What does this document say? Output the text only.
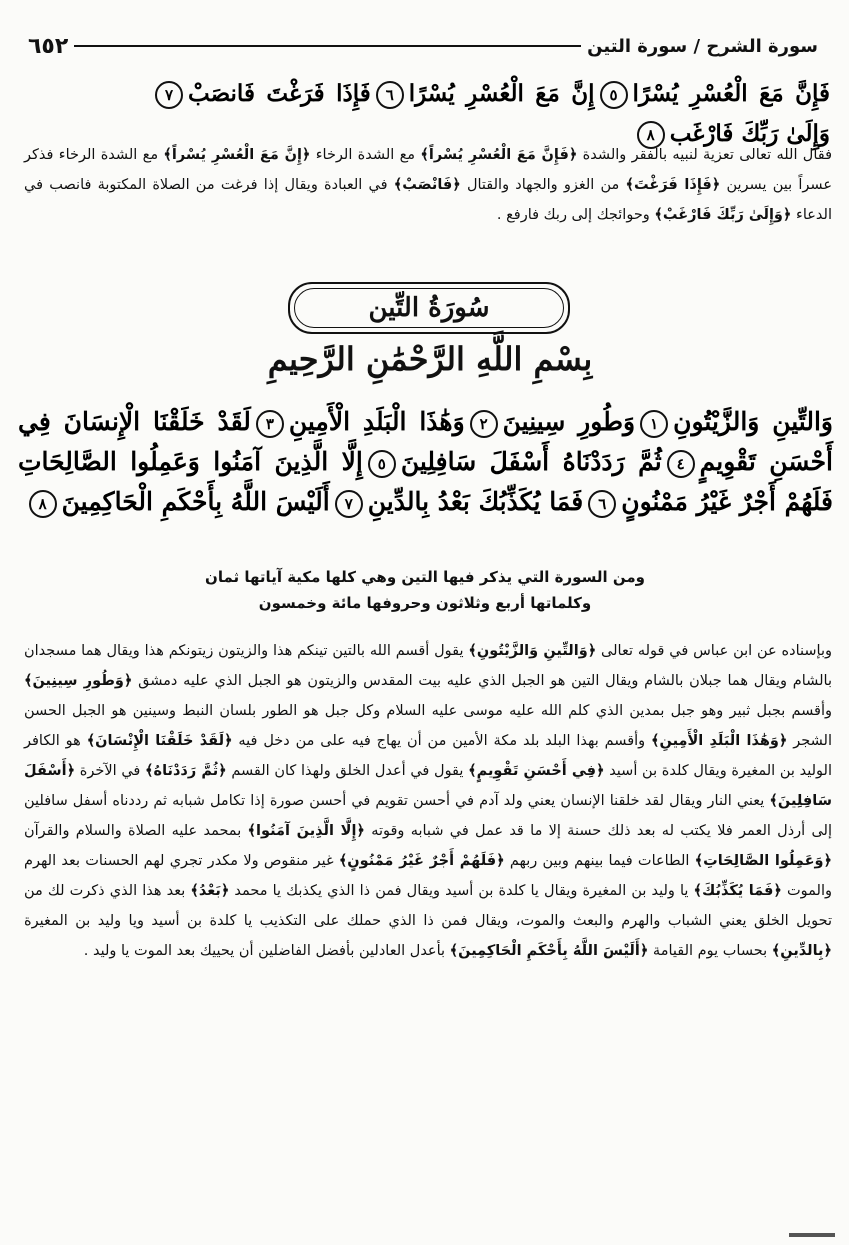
سورة الشرح / سورة التين
٦٥٢
فَإِنَّ مَعَ الْعُسْرِ يُسْرًا٥إِنَّ مَعَ الْعُسْرِ يُسْرًا٦فَإِذَا فَرَغْتَ فَانصَبْ٧وَإِلَىٰ رَبِّكَ فَارْغَب٨
فقال الله تعالى تعزية لنبيه بالفقر والشدة ﴿فَإِنَّ مَعَ الْعُسْرِ يُسْراً﴾ مع الشدة الرخاء ﴿إِنَّ مَعَ الْعُسْرِ يُسْراً﴾ مع الشدة الرخاء فذكر عسراً بين يسرين ﴿فَإِذَا فَرَغْتَ﴾ من الغزو والجهاد والقتال ﴿فَانْصَبْ﴾ في العبادة ويقال إذا فرغت من الصلاة المكتوبة فانصب في الدعاء ﴿وَإِلَىٰ رَبِّكَ فَارْغَبْ﴾ وحوائجك إلى ربك فارفع .
سُورَةُ التِّين
بِسْمِ اللَّهِ الرَّحْمَٰنِ الرَّحِيمِ
وَالتِّينِ وَالزَّيْتُونِ١وَطُورِ سِينِينَ٢وَهَٰذَا الْبَلَدِ الْأَمِينِ٣لَقَدْ خَلَقْنَا الْإِنسَانَ فِي أَحْسَنِ تَقْوِيمٍ٤ثُمَّ رَدَدْنَاهُ أَسْفَلَ سَافِلِينَ٥إِلَّا الَّذِينَ آمَنُوا وَعَمِلُوا الصَّالِحَاتِ فَلَهُمْ أَجْرٌ غَيْرُ مَمْنُونٍ٦فَمَا يُكَذِّبُكَ بَعْدُ بِالدِّينِ٧أَلَيْسَ اللَّهُ بِأَحْكَمِ الْحَاكِمِينَ٨
ومن السورة التي يذكر فيها التين وهي كلها مكية آياتها ثمان
وكلماتها أربع وثلاثون وحروفها مائة وخمسون
وبإسناده عن ابن عباس في قوله تعالى ﴿وَالتِّينِ وَالزَّيْتُونِ﴾ يقول أقسم الله بالتين تينكم هذا والزيتون زيتونكم هذا ويقال هما مسجدان بالشام ويقال هما جبلان بالشام ويقال التين هو الجبل الذي عليه بيت المقدس والزيتون هو الجبل الذي عليه دمشق ﴿وَطُورِ سِينِينَ﴾ وأقسم بجبل ثبير وهو جبل بمدين الذي كلم الله عليه موسى عليه السلام وكل جبل هو الطور بلسان النبط وسينين هو الجبل الحسن الشجر ﴿وَهَٰذَا الْبَلَدِ الْأَمِينِ﴾ وأقسم بهذا البلد بلد مكة الأمين من أن يهاج فيه على من دخل فيه ﴿لَقَدْ خَلَقْنَا الْإِنْسَانَ﴾ هو الكافر الوليد بن المغيرة ويقال كلدة بن أسيد ﴿فِي أَحْسَنِ تَقْوِيمٍ﴾ يقول في أعدل الخلق ولهذا كان القسم ﴿ثُمَّ رَدَدْنَاهُ﴾ في الآخرة ﴿أَسْفَلَ سَافِلِينَ﴾ يعني النار ويقال لقد خلقنا الإنسان يعني ولد آدم في أحسن تقويم في أحسن صورة إذا تكامل شبابه ثم رددناه أسفل سافلين إلى أرذل العمر فلا يكتب له بعد ذلك حسنة إلا ما قد عمل في شبابه وقوته ﴿إِلَّا الَّذِينَ آمَنُوا﴾ بمحمد عليه الصلاة والسلام والقرآن ﴿وَعَمِلُوا الصَّالِحَاتِ﴾ الطاعات فيما بينهم وبين ربهم ﴿فَلَهُمْ أَجْرٌ غَيْرُ مَمْنُونٍ﴾ غير منقوص ولا مكدر تجري لهم الحسنات بعد الهرم والموت ﴿فَمَا يُكَذِّبُكَ﴾ يا وليد بن المغيرة ويقال يا كلدة بن أسيد ويقال فمن ذا الذي يكذبك يا محمد ﴿بَعْدُ﴾ بعد هذا الذي ذكرت لك من تحويل الخلق يعني الشباب والهرم والبعث والموت، ويقال فمن ذا الذي حملك على التكذيب يا كلدة بن أسيد ويا وليد بن المغيرة ﴿بِالدِّينِ﴾ بحساب يوم القيامة ﴿أَلَيْسَ اللَّهُ بِأَحْكَمِ الْحَاكِمِينَ﴾ بأعدل العادلين بأفضل الفاضلين أن يحييك بعد الموت يا وليد .
